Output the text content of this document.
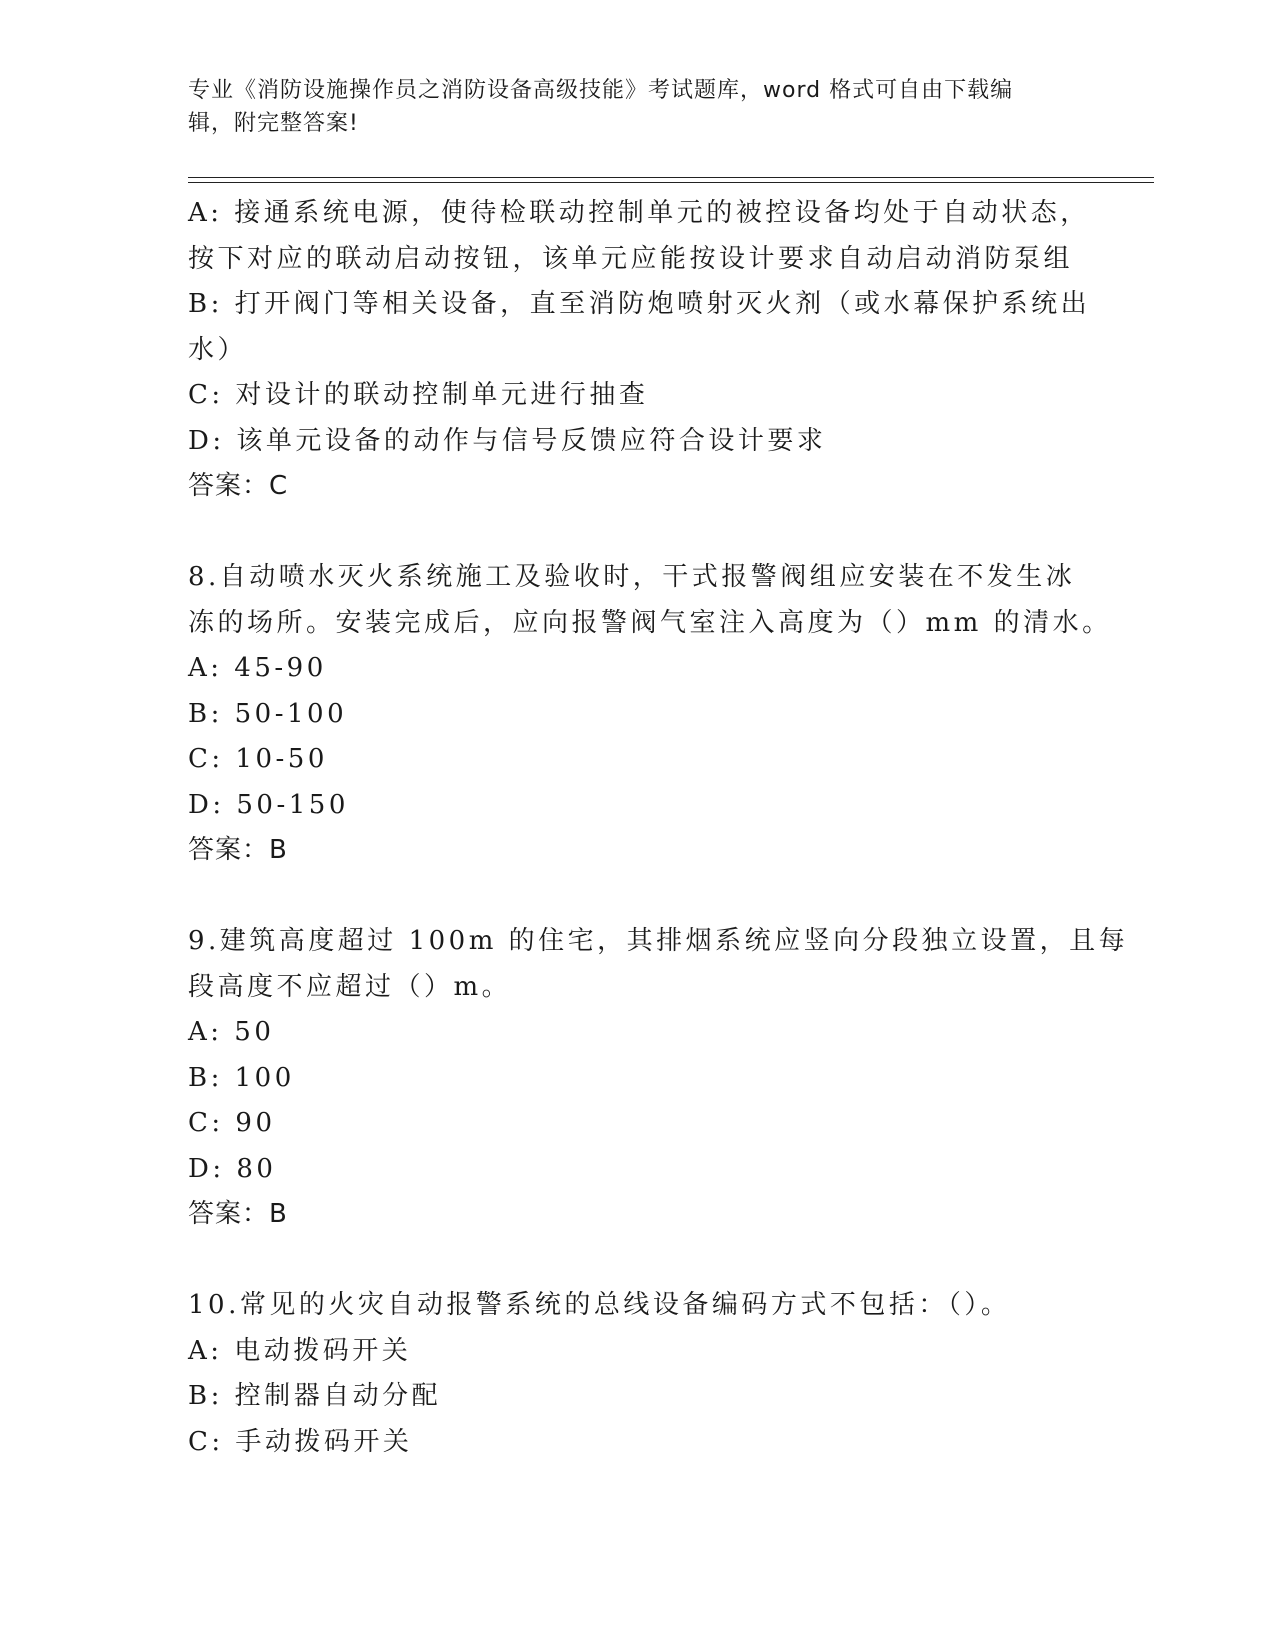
专业《消防设施操作员之消防设备高级技能》考试题库，word 格式可自由下载编
辑，附完整答案!
A: 接通系统电源，使待检联动控制单元的被控设备均处于自动状态，
按下对应的联动启动按钮，该单元应能按设计要求自动启动消防泵组
B: 打开阀门等相关设备，直至消防炮喷射灭火剂（或水幕保护系统出
水）
C: 对设计的联动控制单元进行抽查
D: 该单元设备的动作与信号反馈应符合设计要求
答案：C
8.自动喷水灭火系统施工及验收时，干式报警阀组应安装在不发生冰
冻的场所。安装完成后，应向报警阀气室注入高度为（）mm 的清水。
A: 45-90
B: 50-100
C: 10-50
D: 50-150
答案：B
9.建筑高度超过 100m 的住宅，其排烟系统应竖向分段独立设置，且每
段高度不应超过（）m。
A: 50
B: 100
C: 90
D: 80
答案：B
10.常见的火灾自动报警系统的总线设备编码方式不包括：（）。
A: 电动拨码开关
B: 控制器自动分配
C: 手动拨码开关
